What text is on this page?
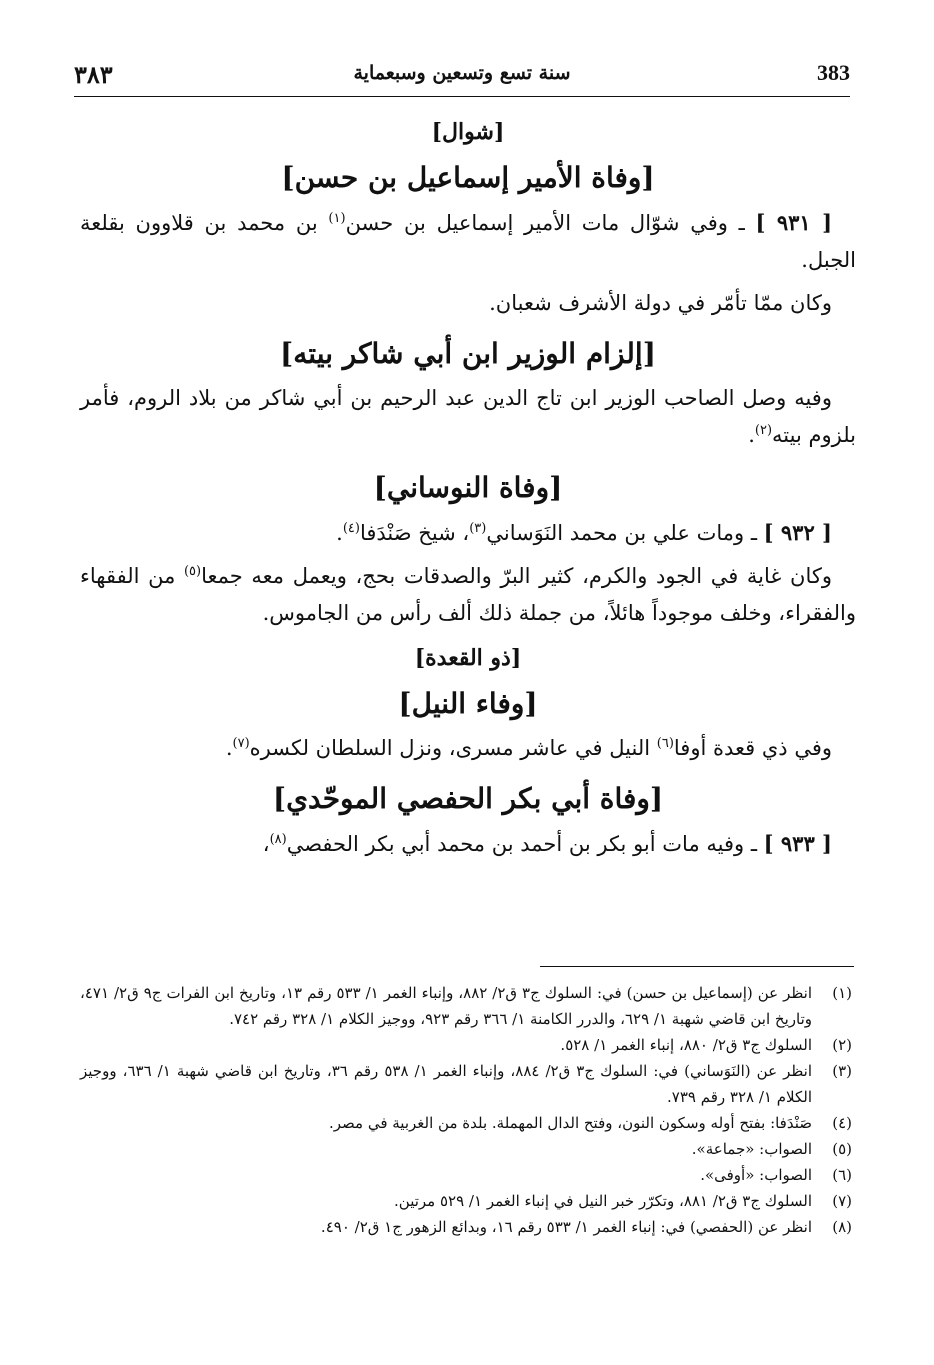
٣٨٣	سنة تسع وتسعين وسبعماية	383

[شوال]

[وفاة الأمير إسماعيل بن حسن]

[ ٩٣١ ] ـ وفي شوّال مات الأمير إسماعيل بن حسن$^{(١)}$ بن محمد بن قلاوون بقلعة الجبل.

وكان ممّا تأمّر في دولة الأشرف شعبان.

[إلزام الوزير ابن أبي شاكر بيته]

وفيه وصل الصاحب الوزير ابن تاج الدين عبد الرحيم بن أبي شاكر من بلاد الروم، فأمر بلزوم بيته$^{(٢)}$.

[وفاة النوساني]

[ ٩٣٢ ] ـ ومات علي بن محمد النَوَساني$^{(٣)}$، شيخ صَنْدَفا$^{(٤)}$.

وكان غاية في الجود والكرم، كثير البرّ والصدقات بحج، ويعمل معه جمعا$^{(٥)}$ من الفقهاء والفقراء، وخلف موجوداً هائلاً، من جملة ذلك ألف رأس من الجاموس.

[ذو القعدة]

[وفاء النيل]

وفي ذي قعدة أوفا$^{(٦)}$ النيل في عاشر مسرى، ونزل السلطان لكسره$^{(٧)}$.

[وفاة أبي بكر الحفصي الموحّدي]

[ ٩٣٣ ] ـ وفيه مات أبو بكر بن أحمد بن محمد أبي بكر الحفصي$^{(٨)}$،

(١)
انظر عن (إسماعيل بن حسن) في: السلوك ج٣ ق٢/ ٨٨٢، وإنباء الغمر ١/ ٥٣٣ رقم ١٣، وتاريخ ابن الفرات ج٩ ق٢/ ٤٧١، وتاريخ ابن قاضي شهبة ١/ ٦٢٩، والدرر الكامنة ١/ ٣٦٦ رقم ٩٢٣، ووجيز الكلام ١/ ٣٢٨ رقم ٧٤٢.
(٢)
السلوك ج٣ ق٢/ ٨٨٠، إنباء الغمر ١/ ٥٢٨.
(٣)
انظر عن (النَوَساني) في: السلوك ج٣ ق٢/ ٨٨٤، وإنباء الغمر ١/ ٥٣٨ رقم ٣٦، وتاريخ ابن قاضي شهبة ١/ ٦٣٦، ووجيز الكلام ١/ ٣٢٨ رقم ٧٣٩.
(٤)
صَنْدَفا: بفتح أوله وسكون النون، وفتح الدال المهملة. بلدة من الغربية في مصر.
(٥)
الصواب: «جماعة».
(٦)
الصواب: «أوفى».
(٧)
السلوك ج٣ ق٢/ ٨٨١، وتكرّر خبر النيل في إنباء الغمر ١/ ٥٢٩ مرتين.
(٨)
انظر عن (الحفصي) في: إنباء الغمر ١/ ٥٣٣ رقم ١٦، وبدائع الزهور ج١ ق٢/ ٤٩٠.
